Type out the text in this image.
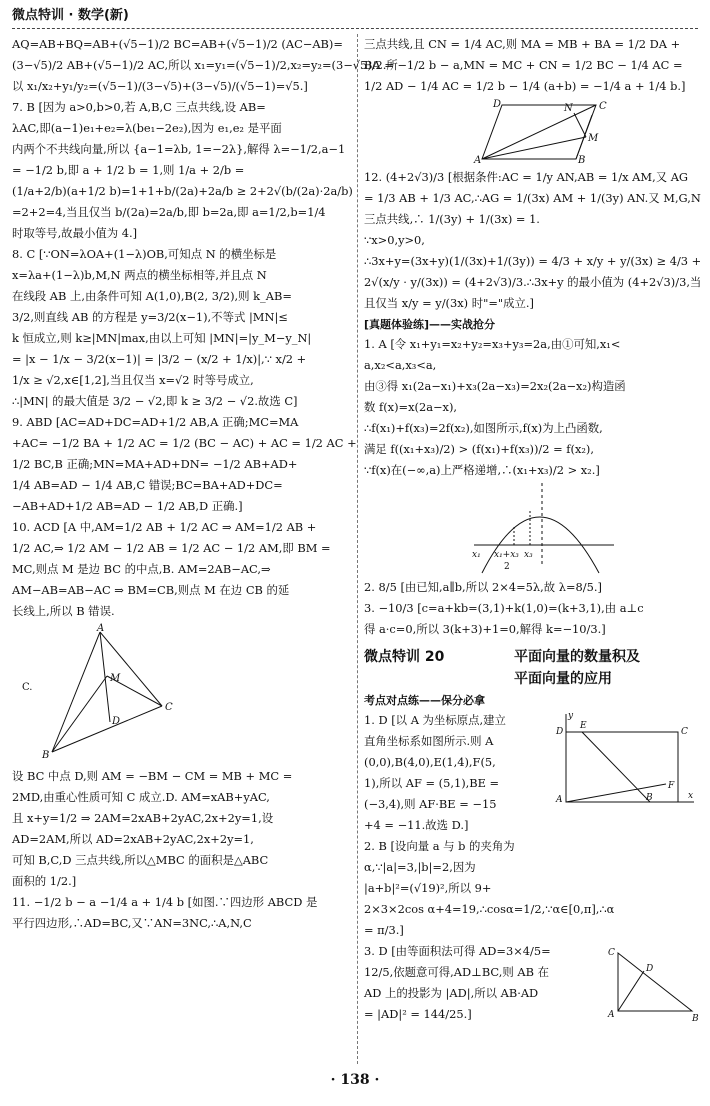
微点特训 · 数学(新)
AQ=AB+BQ=AB+(√5−1)/2 BC=AB+(√5−1)/2 (AC−AB)=
(3−√5)/2 AB+(√5−1)/2 AC,所以 x₁=y₁=(√5−1)/2,x₂=y₂=(3−√5)/2.所
以 x₁/x₂+y₁/y₂=(√5−1)/(3−√5)+(3−√5)/(√5−1)=√5.]
7. B [因为 a>0,b>0,若 A,B,C 三点共线,设 AB=
λAC,即(a−1)e₁+e₂=λ(be₁−2e₂),因为 e₁,e₂ 是平面
内两个不共线向量,所以 {a−1=λb, 1=−2λ},解得 λ=−1/2,a−1
= −1/2 b,即 a + 1/2 b = 1,则 1/a + 2/b =
(1/a+2/b)(a+1/2 b)=1+1+b/(2a)+2a/b ≥ 2+2√(b/(2a)·2a/b)
=2+2=4,当且仅当 b/(2a)=2a/b,即 b=2a,即 a=1/2,b=1/4
时取等号,故最小值为 4.]
8. C [∵ON=λOA+(1−λ)OB,可知点 N 的横坐标是
x=λa+(1−λ)b,M,N 两点的横坐标相等,并且点 N
在线段 AB 上,由条件可知 A(1,0),B(2, 3/2),则 k_AB=
3/2,则直线 AB 的方程是 y=3/2(x−1),不等式 |MN|≤
k 恒成立,则 k≥|MN|max,由以上可知 |MN|=|y_M−y_N|
= |x − 1/x − 3/2(x−1)| = |3/2 − (x/2 + 1/x)|,∵ x/2 +
1/x ≥ √2,x∈[1,2],当且仅当 x=√2 时等号成立,
∴|MN| 的最大值是 3/2 − √2,即 k ≥ 3/2 − √2.故选 C]
9. ABD [AC=AD+DC=AD+1/2 AB,A 正确;MC=MA
+AC= −1/2 BA + 1/2 AC = 1/2 (BC − AC) + AC = 1/2 AC +
1/2 BC,B 正确;MN=MA+AD+DN= −1/2 AB+AD+
1/4 AB=AD − 1/4 AB,C 错误;BC=BA+AD+DC=
−AB+AD+1/2 AB=AD − 1/2 AB,D 正确.]
10. ACD [A 中,AM=1/2 AB + 1/2 AC ⇒ AM=1/2 AB +
1/2 AC,⇒ 1/2 AM − 1/2 AB = 1/2 AC − 1/2 AM,即 BM =
MC,则点 M 是边 BC 的中点,B. AM=2AB−AC,⇒
AM−AB=AB−AC ⇒ BM=CB,则点 M 在边 CB 的延
长线上,所以 B 错误.
A
B
C
M
D
C.
设 BC 中点 D,则 AM = −BM − CM = MB + MC =
2MD,由重心性质可知 C 成立.D. AM=xAB+yAC,
且 x+y=1/2 ⇒ 2AM=2xAB+2yAC,2x+2y=1,设
AD=2AM,所以 AD=2xAB+2yAC,2x+2y=1,
可知 B,C,D 三点共线,所以△MBC 的面积是△ABC
面积的 1/2.]
11. −1/2 b − a −1/4 a + 1/4 b [如图.∵四边形 ABCD 是
平行四边形,∴AD=BC,又∵AN=3NC,∴A,N,C
三点共线,且 CN = 1/4 AC,则 MA = MB + BA = 1/2 DA +
BA = −1/2 b − a,MN = MC + CN = 1/2 BC − 1/4 AC =
1/2 AD − 1/4 AC = 1/2 b − 1/4 (a+b) = −1/4 a + 1/4 b.]
D	C
A	B
M
N
12. (4+2√3)/3 [根据条件:AC = 1/y AN,AB = 1/x AM,又 AG
= 1/3 AB + 1/3 AC,∴AG = 1/(3x) AM + 1/(3y) AN.又 M,G,N
三点共线,∴ 1/(3y) + 1/(3x) = 1.
∵x>0,y>0,
∴3x+y=(3x+y)(1/(3x)+1/(3y)) = 4/3 + x/y + y/(3x) ≥ 4/3 +
2√(x/y · y/(3x)) = (4+2√3)/3.∴3x+y 的最小值为 (4+2√3)/3,当
且仅当 x/y = y/(3x) 时"="成立.]
[真题体验练]——实战抢分
1. A [令 x₁+y₁=x₂+y₂=x₃+y₃=2a,由①可知,x₁<
a,x₂<a,x₃<a,
由③得 x₁(2a−x₁)+x₃(2a−x₃)=2x₂(2a−x₂)构造函
数 f(x)=x(2a−x),
∴f(x₁)+f(x₃)=2f(x₂),如图所示,f(x)为上凸函数,
满足 f((x₁+x₃)/2) > (f(x₁)+f(x₃))/2 = f(x₂),
∵f(x)在(−∞,a)上严格递增,∴(x₁+x₃)/2 > x₂.]
x₁ x₁+x₃ x₃
2
2. 8/5 [由已知,a∥b,所以 2×4=5λ,故 λ=8/5.]
3. −10/3 [c=a+kb=(3,1)+k(1,0)=(k+3,1),由 a⊥c
得 a·c=0,所以 3(k+3)+1=0,解得 k=−10/3.]
微点特训 20	平面向量的数量积及
平面向量的应用
考点对点练——保分必拿
1. D [以 A 为坐标原点,建立
直角坐标系如图所示.则 A
(0,0),B(4,0),E(1,4),F(5,
1),所以 AF = (5,1),BE =
(−3,4),则 AF·BE = −15
+4 = −11.故选 D.]
y
D
E
C
F
B
A	x
2. B [设向量 a 与 b 的夹角为
α,∵|a|=3,|b|=2,因为
|a+b|²=(√19)²,所以 9+
2×3×2cos α+4=19,∴cosα=1/2,∵α∈[0,π],∴α
= π/3.]
3. D [由等面积法可得 AD=3×4/5=
12/5,依题意可得,AD⊥BC,则 AB 在
AD 上的投影为 |AD|,所以 AB·AD
= |AD|² = 144/25.]
C
A	B
D
· 138 ·
